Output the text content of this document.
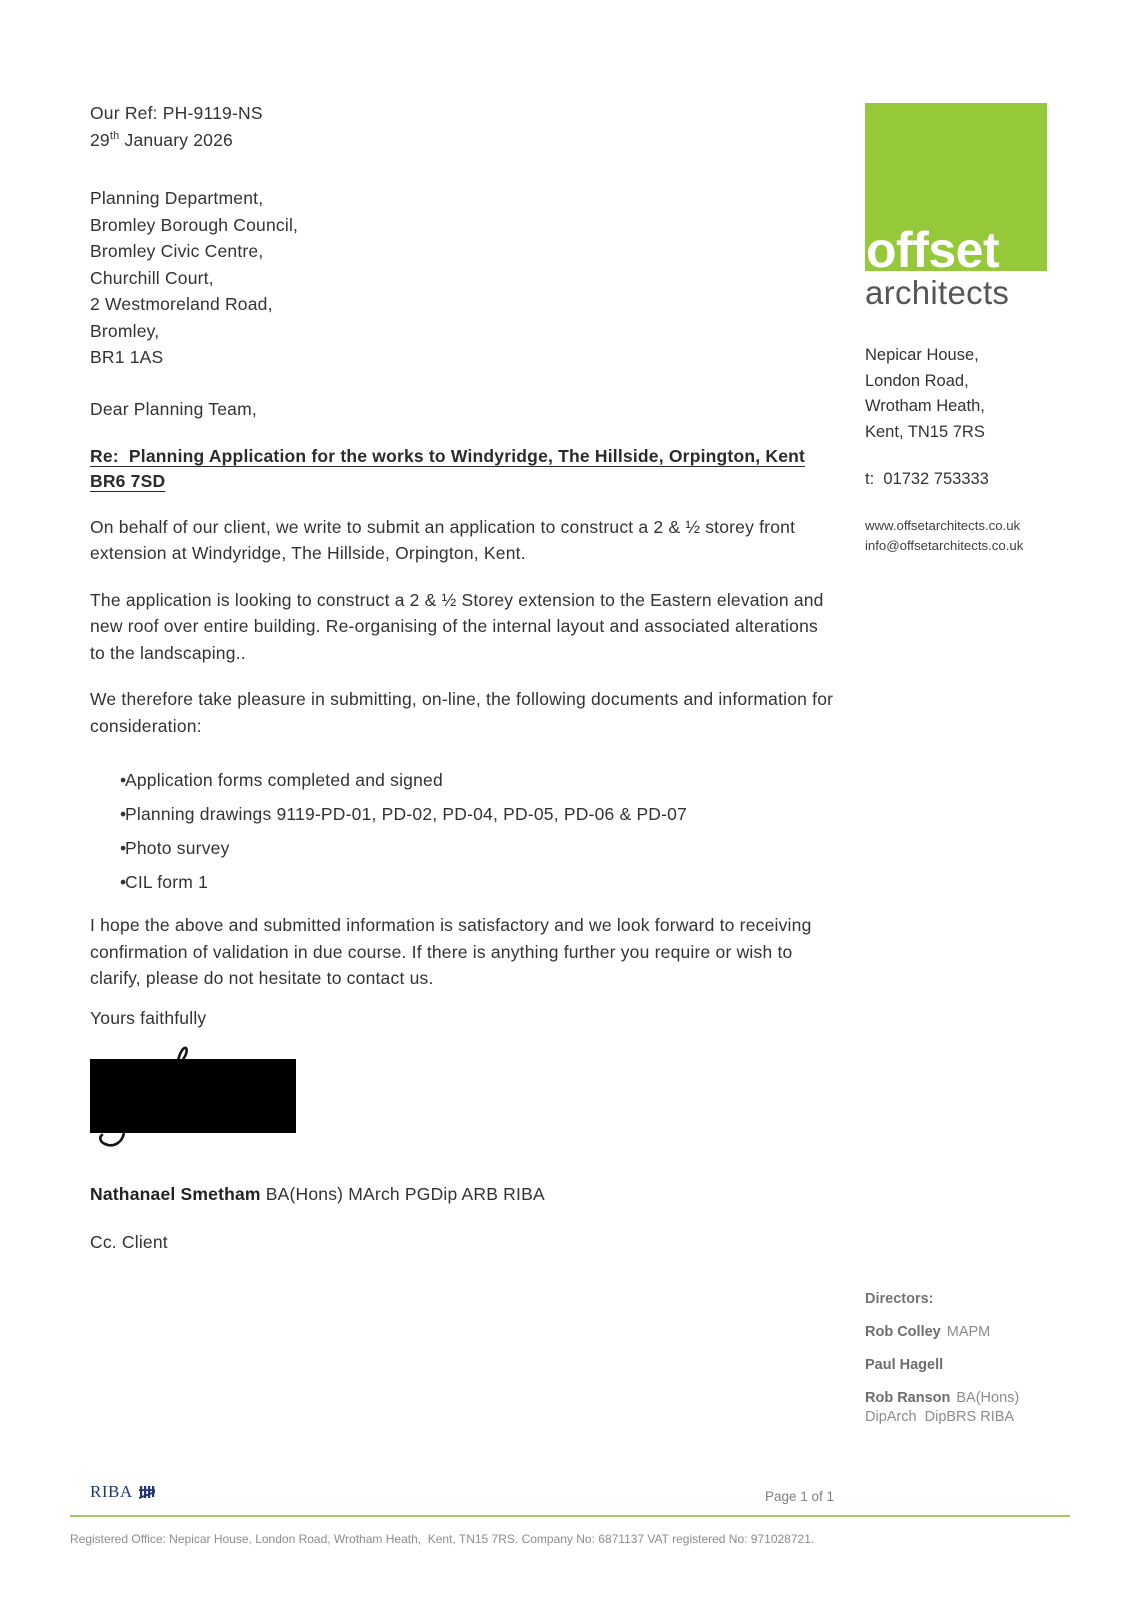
Our Ref: PH-9119-NS
29th January 2026
Planning Department,
Bromley Borough Council,
Bromley Civic Centre,
Churchill Court,
2 Westmoreland Road,
Bromley,
BR1 1AS
Dear Planning Team,
Re:  Planning Application for the works to Windyridge, The Hillside, Orpington, Kent
BR6 7SD
On behalf of our client, we write to submit an application to construct a 2 & ½ storey front extension at Windyridge, The Hillside, Orpington, Kent.
The application is looking to construct a 2 & ½ Storey extension to the Eastern elevation and new roof over entire building. Re-organising of the internal layout and associated alterations to the landscaping..
We therefore take pleasure in submitting, on-line, the following documents and information for consideration:
•
Application forms completed and signed
•
Planning drawings 9119-PD-01, PD-02, PD-04, PD-05, PD-06 & PD-07
•
Photo survey
•
CIL form 1
I hope the above and submitted information is satisfactory and we look forward to receiving confirmation of validation in due course. If there is anything further you require or wish to clarify, please do not hesitate to contact us.
Yours faithfully
Nathanael Smetham BA(Hons) MArch PGDip ARB RIBA
Cc. Client
offset
architects
Nepicar House,
London Road,
Wrotham Heath,
Kent, TN15 7RS
t:  01732 753333
www.offsetarchitects.co.uk
info@offsetarchitects.co.uk
Directors:
Rob Colley MAPM
Paul Hagell
Rob Ranson BA(Hons)
DipArch  DipBRS RIBA
RIBA	Page 1 of 1
Registered Office: Nepicar House, London Road, Wrotham Heath,  Kent, TN15 7RS. Company No: 6871137 VAT registered No: 971028721.
